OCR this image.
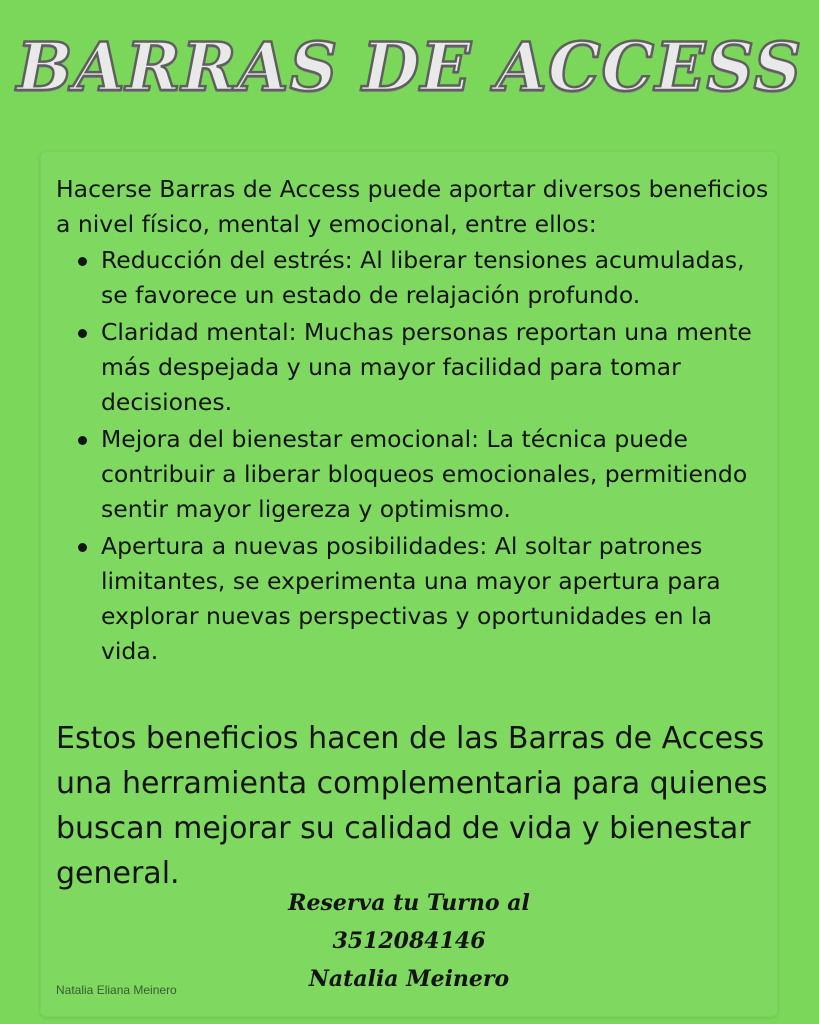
BARRAS DE ACCESS

Hacerse Barras de Access puede aportar diversos beneficios a nivel físico, mental y emocional, entre ellos:

Reducción del estrés: Al liberar tensiones acumuladas, se favorece un estado de relajación profundo.
Claridad mental: Muchas personas reportan una mente más despejada y una mayor facilidad para tomar decisiones.
Mejora del bienestar emocional: La técnica puede contribuir a liberar bloqueos emocionales, permitiendo sentir mayor ligereza y optimismo.
Apertura a nuevas posibilidades: Al soltar patrones limitantes, se experimenta una mayor apertura para explorar nuevas perspectivas y oportunidades en la vida.

Estos beneficios hacen de las Barras de Access una herramienta complementaria para quienes buscan mejorar su calidad de vida y bienestar general.

Reserva tu Turno al
3512084146
Natalia Meinero
Natalia Eliana Meinero
